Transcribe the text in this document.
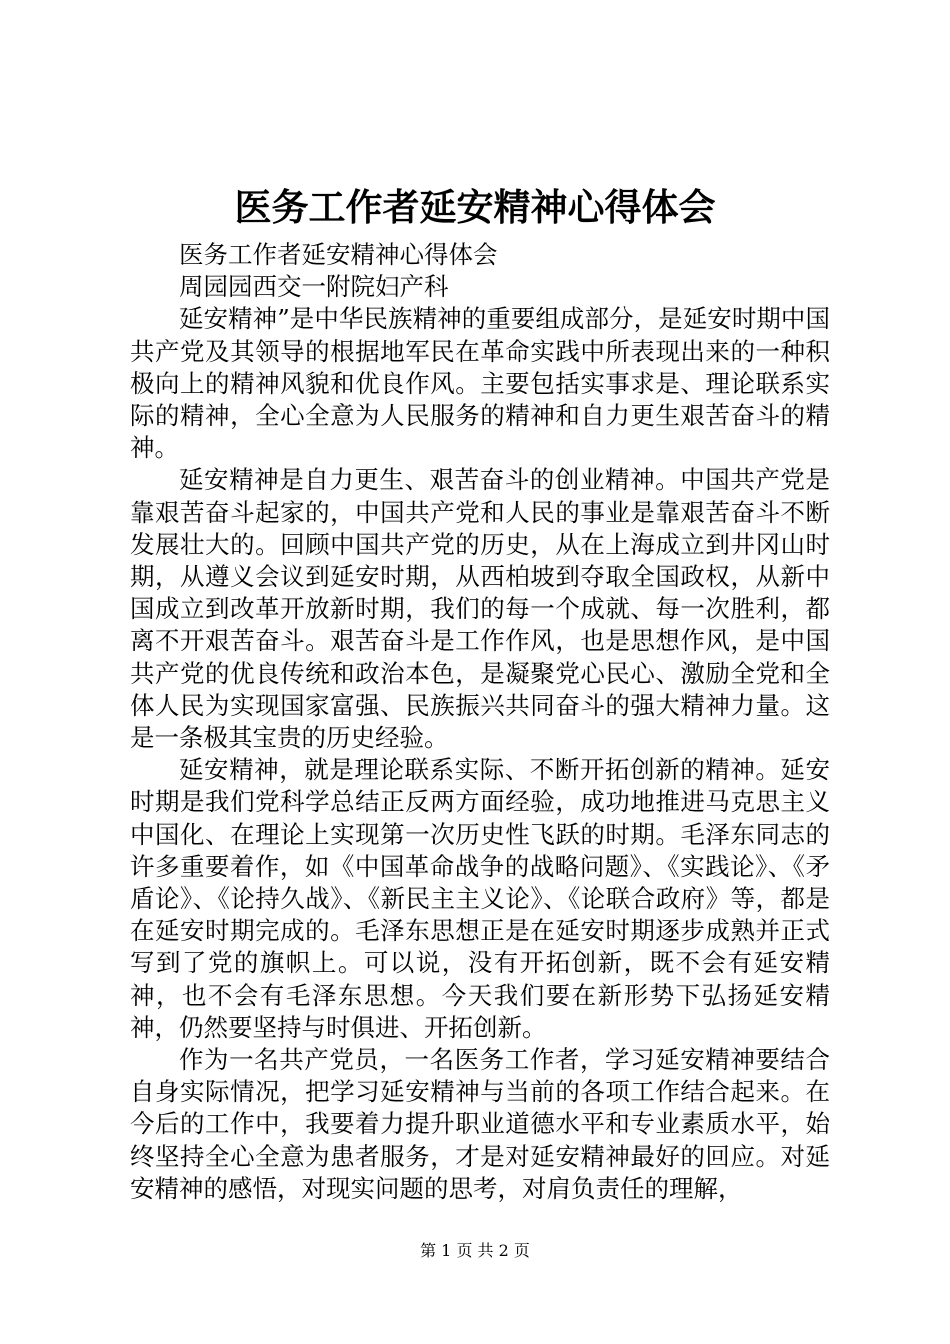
医务工作者延安精神心得体会

医务工作者延安精神心得体会

周园园西交一附院妇产科

延安精神”是中华民族精神的重要组成部分，是延安时期中国共产党及其领导的根据地军民在革命实践中所表现出来的一种积极向上的精神风貌和优良作风。主要包括实事求是、理论联系实际的精神，全心全意为人民服务的精神和自力更生艰苦奋斗的精神。

延安精神是自力更生、艰苦奋斗的创业精神。中国共产党是靠艰苦奋斗起家的，中国共产党和人民的事业是靠艰苦奋斗不断发展壮大的。回顾中国共产党的历史，从在上海成立到井冈山时期，从遵义会议到延安时期，从西柏坡到夺取全国政权，从新中国成立到改革开放新时期，我们的每一个成就、每一次胜利，都离不开艰苦奋斗。艰苦奋斗是工作作风，也是思想作风，是中国共产党的优良传统和政治本色，是凝聚党心民心、激励全党和全体人民为实现国家富强、民族振兴共同奋斗的强大精神力量。这是一条极其宝贵的历史经验。

延安精神，就是理论联系实际、不断开拓创新的精神。延安时期是我们党科学总结正反两方面经验，成功地推进马克思主义中国化、在理论上实现第一次历史性飞跃的时期。毛泽东同志的许多重要着作，如《中国革命战争的战略问题》、《实践论》、《矛盾论》、《论持久战》、《新民主主义论》、《论联合政府》等，都是在延安时期完成的。毛泽东思想正是在延安时期逐步成熟并正式写到了党的旗帜上。可以说，没有开拓创新，既不会有延安精神，也不会有毛泽东思想。今天我们要在新形势下弘扬延安精神，仍然要坚持与时俱进、开拓创新。

作为一名共产党员，一名医务工作者，学习延安精神要结合自身实际情况，把学习延安精神与当前的各项工作结合起来。在今后的工作中，我要着力提升职业道德水平和专业素质水平，始终坚持全心全意为患者服务，才是对延安精神最好的回应。对延安精神的感悟，对现实问题的思考，对肩负责任的理解，

第 1 页 共 2 页
